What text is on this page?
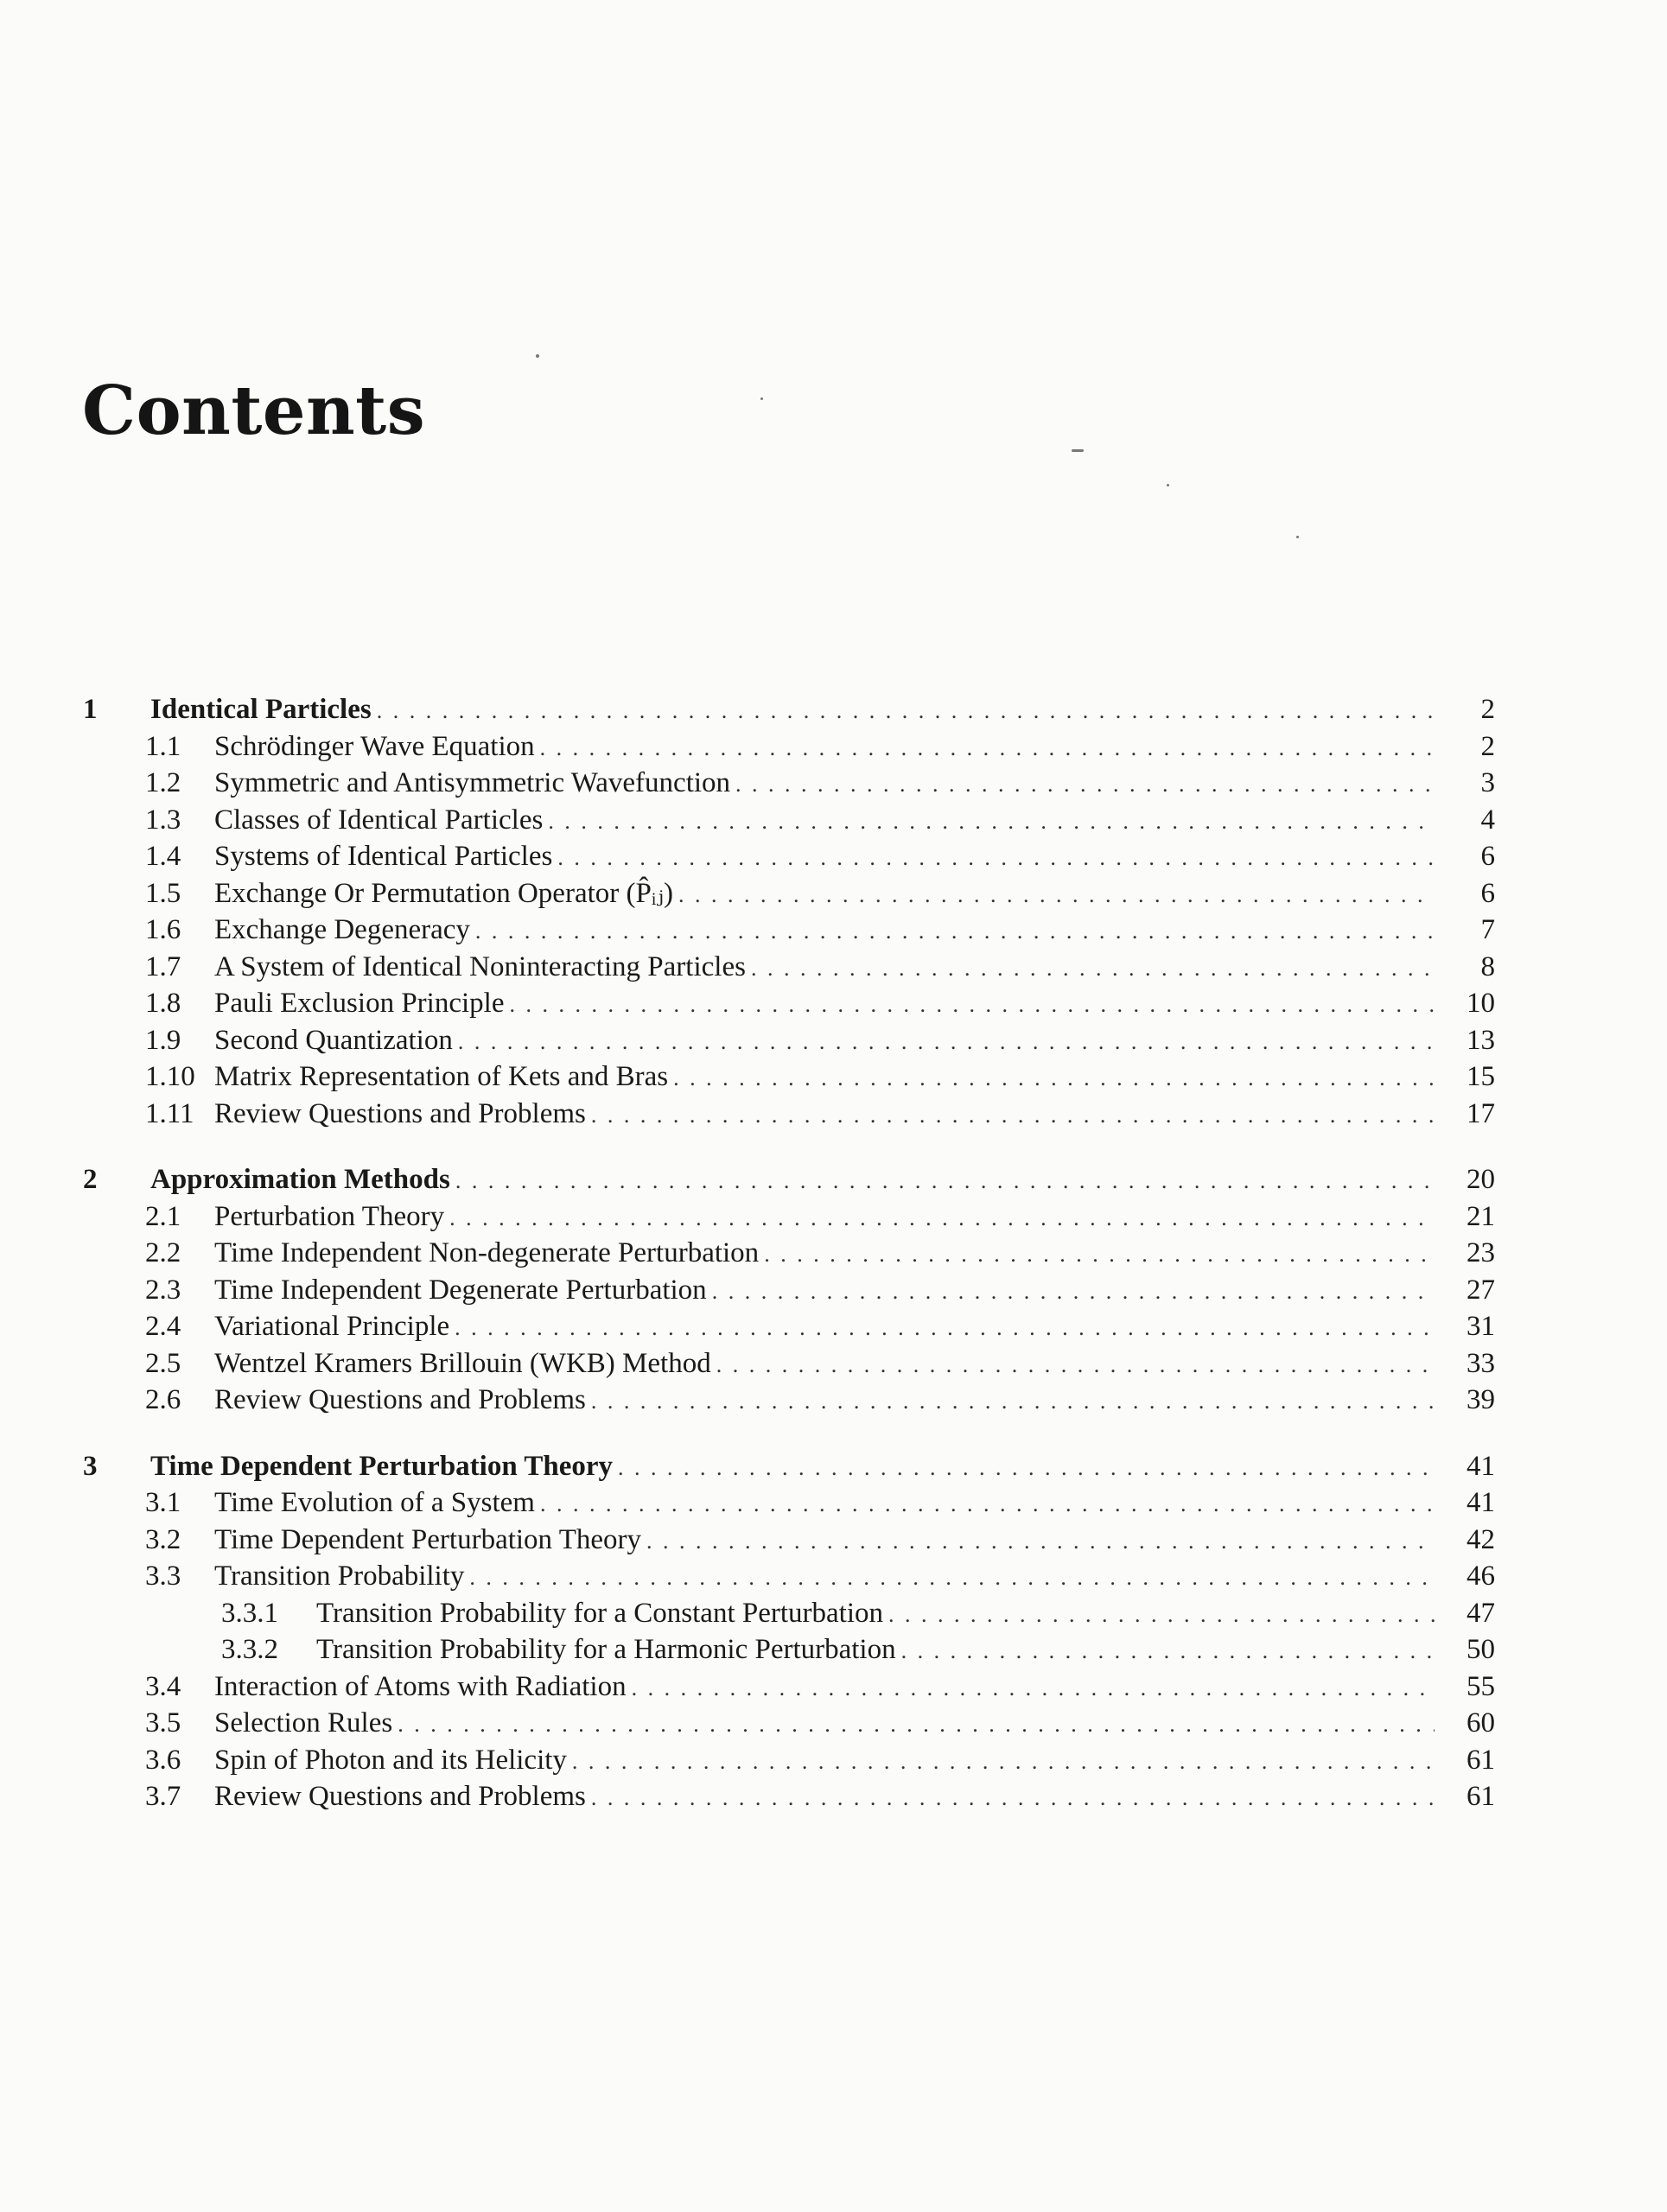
Contents
1	Identical Particles . . .	2
1.1	Schrödinger Wave Equation . . .	2
1.2	Symmetric and Antisymmetric Wavefunction . . .	3
1.3	Classes of Identical Particles . . .	4
1.4	Systems of Identical Particles . . .	6
1.5	Exchange Or Permutation Operator (P̂ᵢⱼ) . . .	6
1.6	Exchange Degeneracy . . .	7
1.7	A System of Identical Noninteracting Particles . . .	8
1.8	Pauli Exclusion Principle . . .	10
1.9	Second Quantization . . .	13
1.10 Matrix Representation of Kets and Bras . . .	15
1.11 Review Questions and Problems . . .	17
2	Approximation Methods . . .	20
2.1	Perturbation Theory . . .	21
2.2	Time Independent Non-degenerate Perturbation . . .	23
2.3	Time Independent Degenerate Perturbation . . .	27
2.4	Variational Principle . . .	31
2.5	Wentzel Kramers Brillouin (WKB) Method . . .	33
2.6	Review Questions and Problems . . .	39
3	Time Dependent Perturbation Theory . . .	41
3.1	Time Evolution of a System . . .	41
3.2	Time Dependent Perturbation Theory . . .	42
3.3	Transition Probability . . .	46
3.3.1	Transition Probability for a Constant Perturbation . . .	47
3.3.2	Transition Probability for a Harmonic Perturbation . . .	50
3.4	Interaction of Atoms with Radiation . . .	55
3.5	Selection Rules . . .	60
3.6	Spin of Photon and its Helicity . . .	61
3.7	Review Questions and Problems . . .	61
